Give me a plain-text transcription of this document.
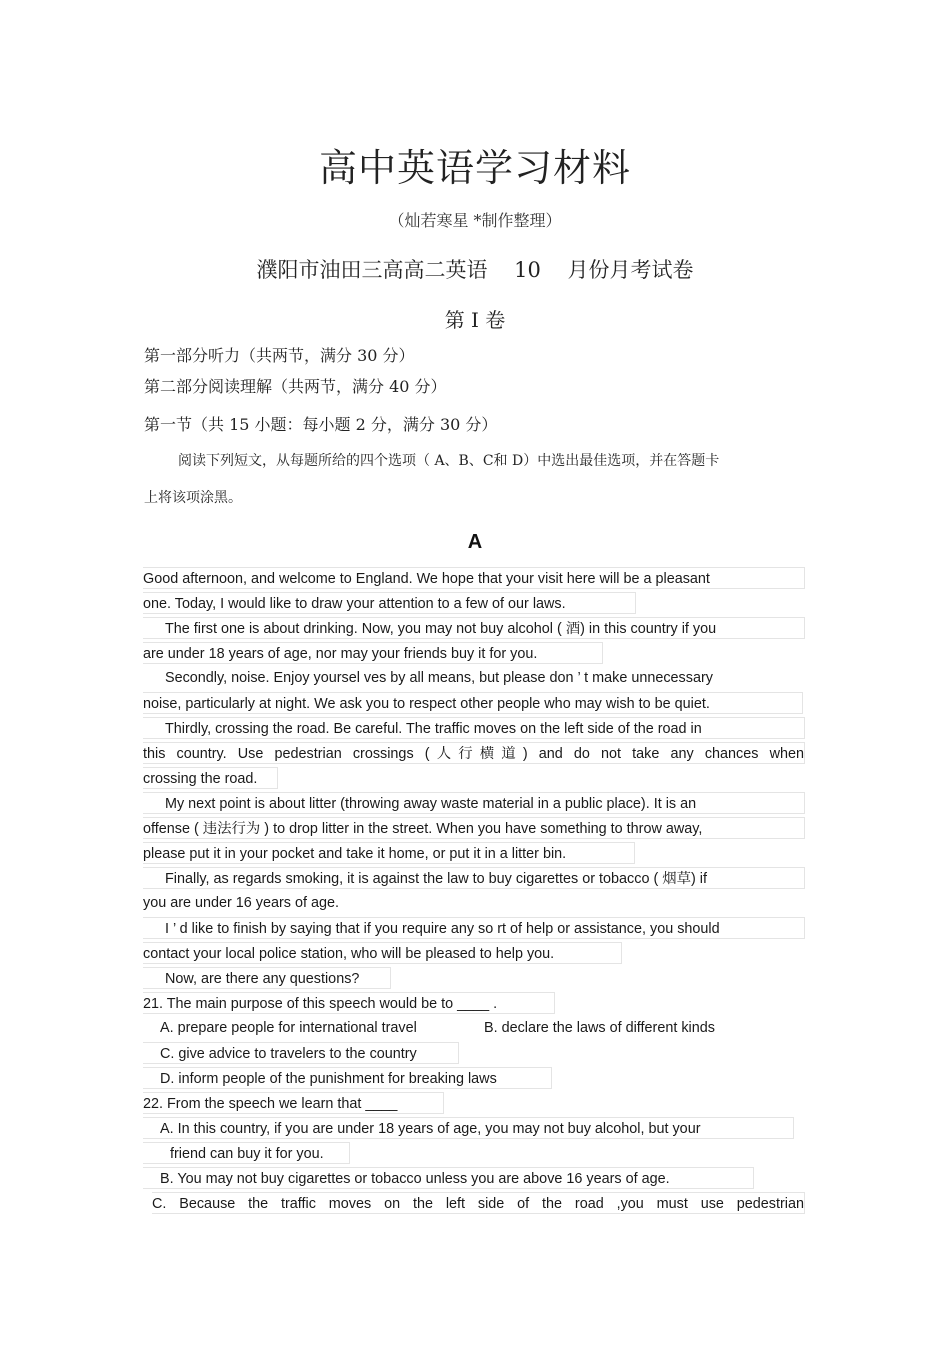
高中英语学习材料
（灿若寒星 *制作整理）
濮阳市油田三高高二英语 10 月份月考试卷
第 I 卷
第一部分听力（共两节，满分 30 分）
第二部分阅读理解（共两节，满分 40 分）
第一节（共 15 小题：每小题 2 分，满分 30 分）
阅读下列短文，从每题所给的四个选项（ A、B、C和 D）中选出最佳选项，并在答题卡
上将该项涂黑。
A
Good afternoon, and welcome to England. We hope that your visit here will be a pleasant
one. Today, I would like to draw your attention to a few of our laws.
The first one is about drinking. Now, you may not buy alcohol ( 酒) in this country if you
are under 18 years of age, nor may your friends buy it for you.
Secondly, noise. Enjoy yoursel ves by all means, but please don ’ t make unnecessary
noise, particularly at night. We ask you to respect other people who may wish to be quiet.
Thirdly, crossing the road. Be careful. The traffic moves on the left side of the road in
this country. Use pedestrian crossings (人行横道) and do not take any chances when
crossing the road.
My next point is about litter (throwing away waste material in a public place). It is an
offense ( 违法行为 ) to drop litter in the street. When you have something to throw away,
please put it in your pocket and take it home, or put it in a litter bin.
Finally, as regards smoking, it is against the law to buy cigarettes or tobacco ( 烟草) if
you are under 16 years of age.
I ’ d like to finish by saying that if you require any so rt of help or assistance, you should
contact your local police station, who will be pleased to help you.
Now, are there any questions?
21. The main purpose of this speech would be to ____ .
A. prepare people for international travel	B. declare the laws of different kinds
C. give advice to travelers to the country
D. inform people of the punishment for breaking laws
22. From the speech we learn that ____
A. In this country, if you are under 18 years of age, you may not buy alcohol, but your
friend can buy it for you.
B. You may not buy cigarettes or tobacco unless you are above 16 years of age.
C. Because the traffic moves on the left side of the road ,you must use pedestrian
